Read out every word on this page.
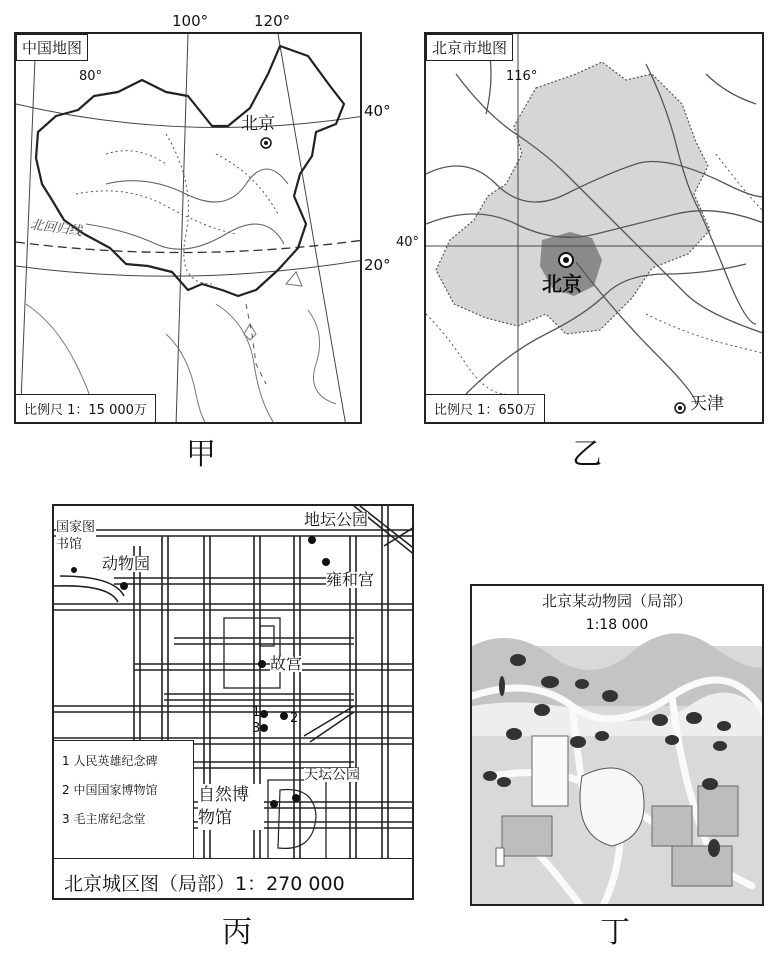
中国地图
80°
北京
北回归线
比例尺 1：15 000万
100°	120°
40°
20°
甲
北京市地图
116°
北京
天津
比例尺 1：650万
40°
乙
地坛公园
国家图书馆
动物园
雍和宫
故宫
1 2
3
天坛公园
自然博物馆
1 人民英雄纪念碑
2 中国国家博物馆
3 毛主席纪念堂
北京城区图（局部）1：270 000
丙
北京某动物园（局部）
1:18 000
丁
